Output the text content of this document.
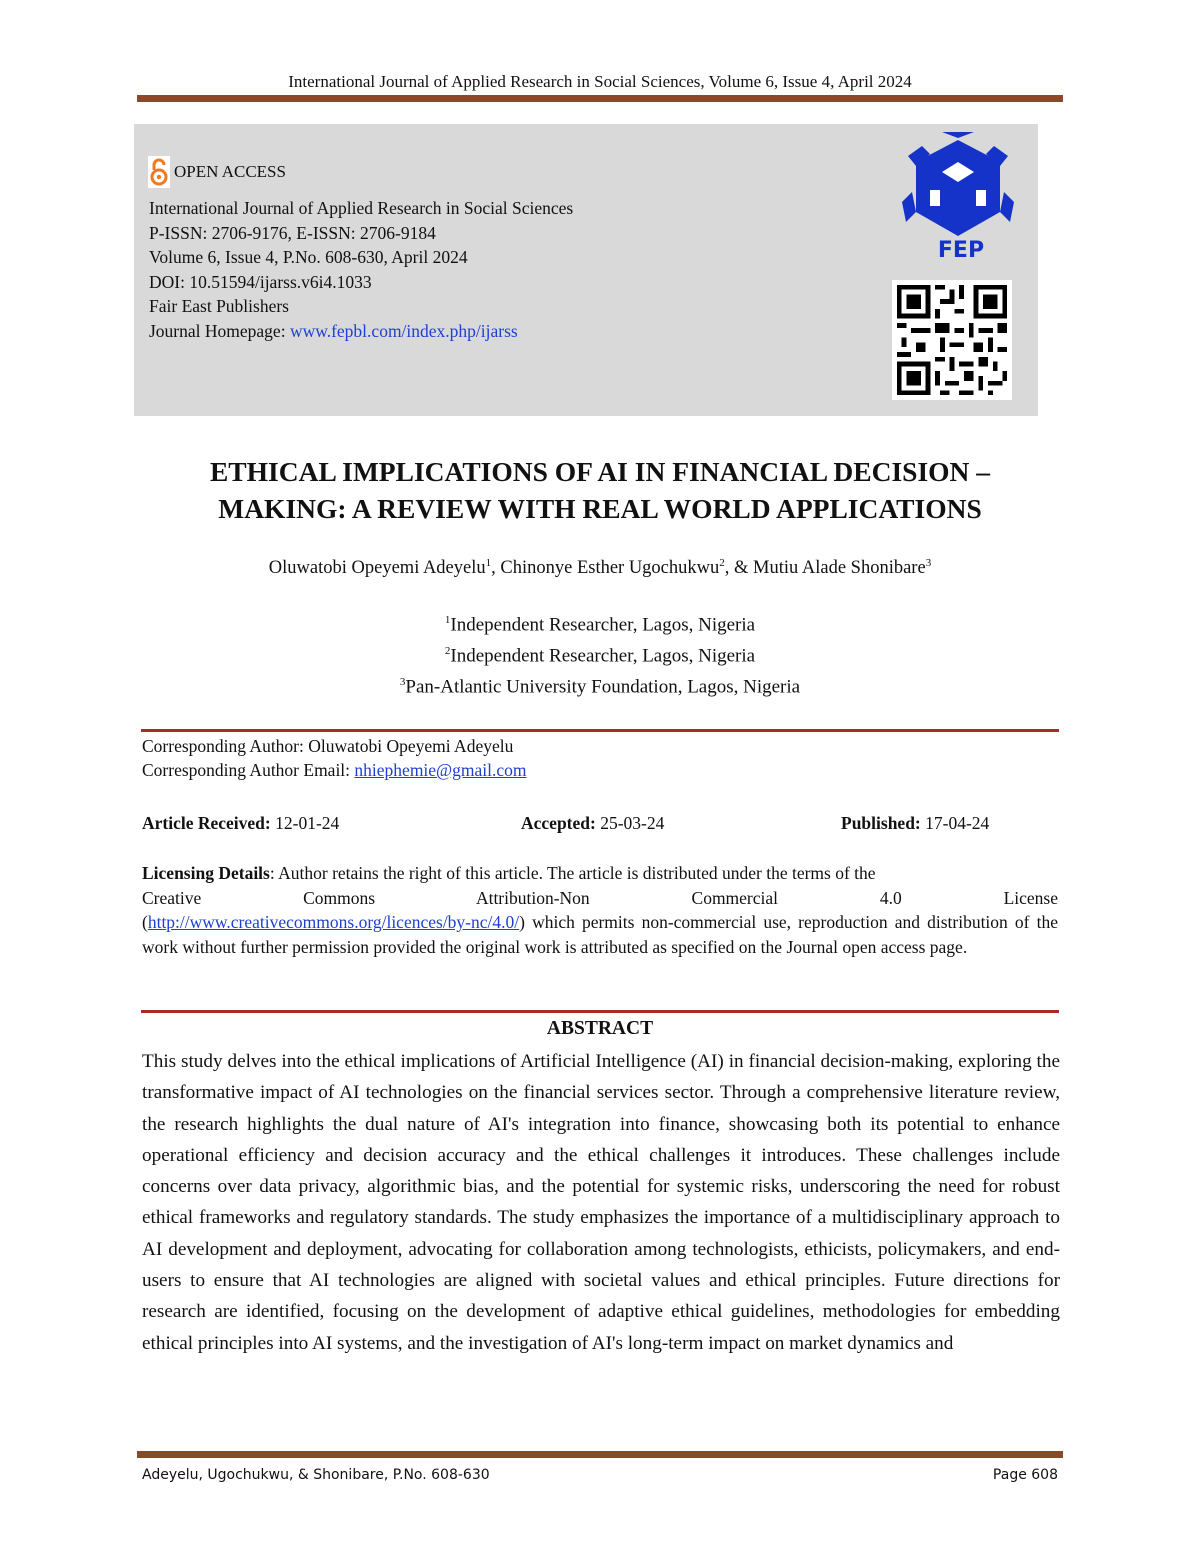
International Journal of Applied Research in Social Sciences, Volume 6, Issue 4, April 2024
OPEN ACCESS
International Journal of Applied Research in Social Sciences
P-ISSN: 2706-9176, E-ISSN: 2706-9184
Volume 6, Issue 4, P.No. 608-630, April 2024
DOI: 10.51594/ijarss.v6i4.1033
Fair East Publishers
Journal Homepage: www.fepbl.com/index.php/ijarss
FEP
ETHICAL IMPLICATIONS OF AI IN FINANCIAL DECISION –
MAKING: A REVIEW WITH REAL WORLD APPLICATIONS
Oluwatobi Opeyemi Adeyelu$^1$, Chinonye Esther Ugochukwu$^2$, & Mutiu Alade Shonibare$^3$
$^1$Independent Researcher, Lagos, Nigeria
$^2$Independent Researcher, Lagos, Nigeria
$^3$Pan-Atlantic University Foundation, Lagos, Nigeria
Corresponding Author: Oluwatobi Opeyemi Adeyelu
Corresponding Author Email: nhiephemie@gmail.com
Article Received: 12-01-24	Accepted: 25-03-24	Published: 17-04-24
Licensing Details: Author retains the right of this article. The article is distributed under the terms of the
Creative Commons Attribution-Non Commercial 4.0 License
(http://www.creativecommons.org/licences/by-nc/4.0/) which permits non-commercial use, reproduction and distribution of the work without further permission provided the original work is attributed as specified on the Journal open access page.
ABSTRACT
This study delves into the ethical implications of Artificial Intelligence (AI) in financial decision-making, exploring the transformative impact of AI technologies on the financial services sector. Through a comprehensive literature review, the research highlights the dual nature of AI's integration into finance, showcasing both its potential to enhance operational efficiency and decision accuracy and the ethical challenges it introduces. These challenges include concerns over data privacy, algorithmic bias, and the potential for systemic risks, underscoring the need for robust ethical frameworks and regulatory standards. The study emphasizes the importance of a multidisciplinary approach to AI development and deployment, advocating for collaboration among technologists, ethicists, policymakers, and end-users to ensure that AI technologies are aligned with societal values and ethical principles. Future directions for research are identified, focusing on the development of adaptive ethical guidelines, methodologies for embedding ethical principles into AI systems, and the investigation of AI's long-term impact on market dynamics and
Adeyelu, Ugochukwu, & Shonibare, P.No. 608-630	Page 608
